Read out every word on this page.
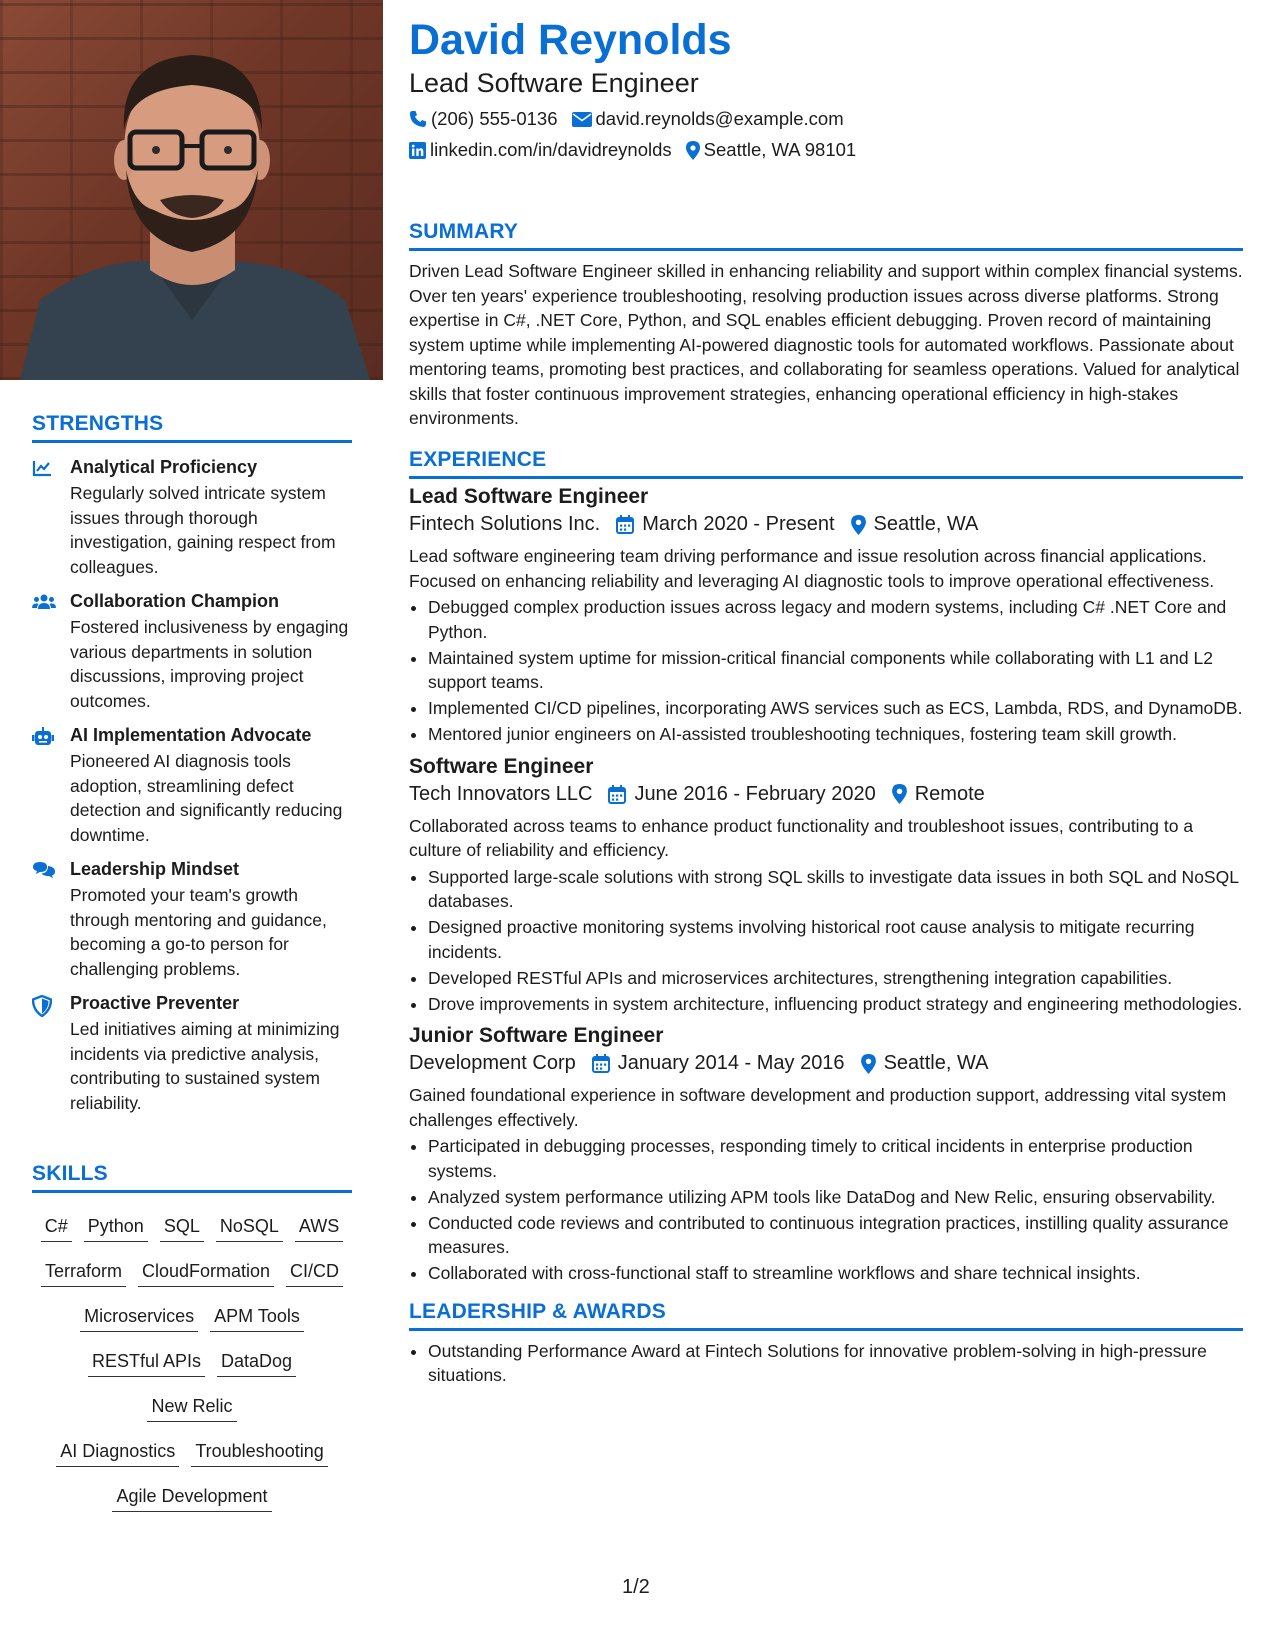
STRENGTHS
Analytical Proficiency
Regularly solved intricate system issues through thorough investigation, gaining respect from colleagues.
Collaboration Champion
Fostered inclusiveness by engaging various departments in solution discussions, improving project outcomes.
AI Implementation Advocate
Pioneered AI diagnosis tools adoption, streamlining defect detection and significantly reducing downtime.
Leadership Mindset
Promoted your team's growth through mentoring and guidance, becoming a go-to person for challenging problems.
Proactive Preventer
Led initiatives aiming at minimizing incidents via predictive analysis, contributing to sustained system reliability.
SKILLS
C# Python SQL NoSQL AWS
Terraform CloudFormation CI/CD
Microservices APM Tools
RESTful APIs DataDogNew Relic
AI Diagnostics Troubleshooting
Agile Development
David Reynolds
Lead Software Engineer
(206) 555-0136 david.reynolds@example.com
linkedin.com/in/davidreynolds Seattle, WA 98101
SUMMARY
Driven Lead Software Engineer skilled in enhancing reliability and support within complex financial systems. Over ten years' experience troubleshooting, resolving production issues across diverse platforms. Strong expertise in C#, .NET Core, Python, and SQL enables efficient debugging. Proven record of maintaining system uptime while implementing AI-powered diagnostic tools for automated workflows. Passionate about mentoring teams, promoting best practices, and collaborating for seamless operations. Valued for analytical skills that foster continuous improvement strategies, enhancing operational efficiency in high-stakes environments.
EXPERIENCE
Lead Software Engineer
Fintech Solutions Inc. March 2020 - Present Seattle, WA
Lead software engineering team driving performance and issue resolution across financial applications. Focused on enhancing reliability and leveraging AI diagnostic tools to improve operational effectiveness.
• Debugged complex production issues across legacy and modern systems, including C# .NET Core and Python.
• Maintained system uptime for mission-critical financial components while collaborating with L1 and L2 support teams.
• Implemented CI/CD pipelines, incorporating AWS services such as ECS, Lambda, RDS, and DynamoDB.
• Mentored junior engineers on AI-assisted troubleshooting techniques, fostering team skill growth.
Software Engineer
Tech Innovators LLC June 2016 - February 2020 Remote
Collaborated across teams to enhance product functionality and troubleshoot issues, contributing to a culture of reliability and efficiency.
• Supported large-scale solutions with strong SQL skills to investigate data issues in both SQL and NoSQL databases.
• Designed proactive monitoring systems involving historical root cause analysis to mitigate recurring incidents.
• Developed RESTful APIs and microservices architectures, strengthening integration capabilities.
• Drove improvements in system architecture, influencing product strategy and engineering methodologies.
Junior Software Engineer
Development Corp January 2014 - May 2016 Seattle, WA
Gained foundational experience in software development and production support, addressing vital system challenges effectively.
• Participated in debugging processes, responding timely to critical incidents in enterprise production systems.
• Analyzed system performance utilizing APM tools like DataDog and New Relic, ensuring observability.
• Conducted code reviews and contributed to continuous integration practices, instilling quality assurance measures.
• Collaborated with cross-functional staff to streamline workflows and share technical insights.
LEADERSHIP & AWARDS
• Outstanding Performance Award at Fintech Solutions for innovative problem-solving in high-pressure situations.
1/2
